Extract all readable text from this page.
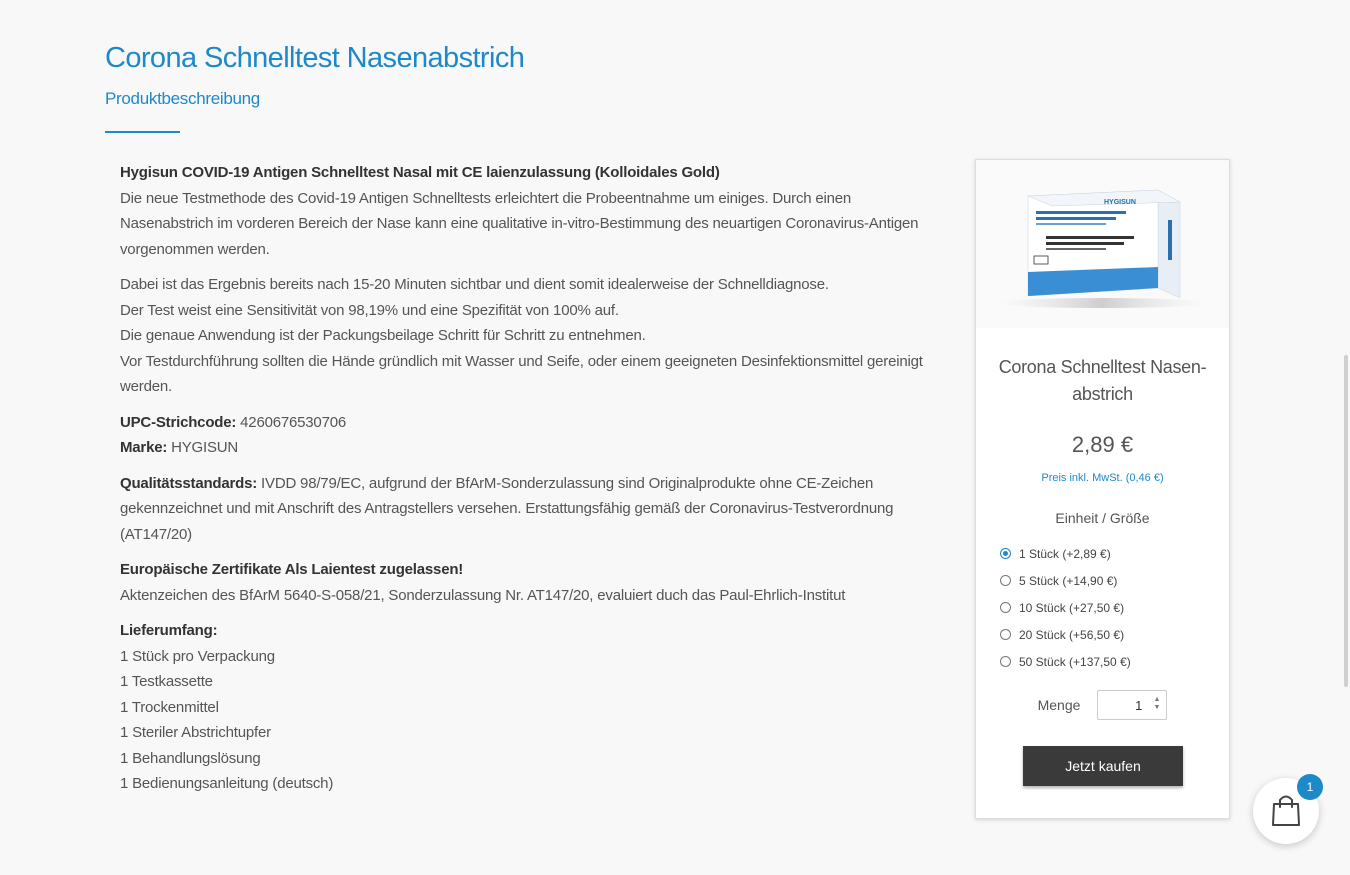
Corona Schnelltest Nasenabstrich
Produktbeschreibung

Hygisun COVID-19 Antigen Schnelltest Nasal mit CE laienzulassung (Kolloidales Gold)
Die neue Testmethode des Covid-19 Antigen Schnelltests erleichtert die Probeentnahme um einiges. Durch einen Nasenabstrich im vorderen Bereich der Nase kann eine qualitative in-vitro-Bestimmung des neuartigen Coronavirus-Antigen vorgenommen werden.

Dabei ist das Ergebnis bereits nach 15-20 Minuten sichtbar und dient somit idealerweise der Schnelldiagnose.
Der Test weist eine Sensitivität von 98,19% und eine Spezifität von 100% auf.
Die genaue Anwendung ist der Packungsbeilage Schritt für Schritt zu entnehmen.
Vor Testdurchführung sollten die Hände gründlich mit Wasser und Seife, oder einem geeigneten Desinfektionsmittel gereinigt werden.

UPC-Strichcode: 4260676530706
Marke: HYGISUN

Qualitätsstandards: IVDD 98/79/EC, aufgrund der BfArM-Sonderzulassung sind Originalprodukte ohne CE-Zeichen gekennzeichnet und mit Anschrift des Antragstellers versehen. Erstattungsfähig gemäß der Coronavirus-Testverordnung (AT147/20)

Europäische Zertifikate Als Laientest zugelassen!
Aktenzeichen des BfArM 5640-S-058/21, Sonderzulassung Nr. AT147/20, evaluiert duch das Paul-Ehrlich-Institut

Lieferumfang:
1 Stück pro Verpackung
1 Testkassette
1 Trockenmittel
1 Steriler Abstrichtupfer
1 Behandlungslösung
1 Bedienungsanleitung (deutsch)

HYGISUN
Corona Schnelltest Nasen-abstrich
2,89 €
Preis inkl. MwSt. (0,46 €)
Einheit / Größe
1 Stück (+2,89 €)
5 Stück (+14,90 €)
10 Stück (+27,50 €)
20 Stück (+56,50 €)
50 Stück (+137,50 €)
Menge	1 ▲
▼
Jetzt kaufen
1
